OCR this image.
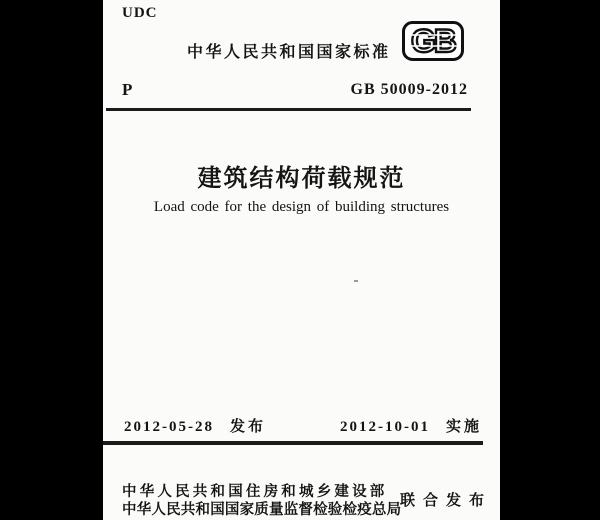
UDC
中华人民共和国国家标准 GB
P	GB 50009-2012
建筑结构荷载规范
Load code for the design of building structures
2012-05-28 发布	2012-10-01 实施
中华人民共和国住房和城乡建设部
中华人民共和国国家质量监督检验检疫总局
联合发布
